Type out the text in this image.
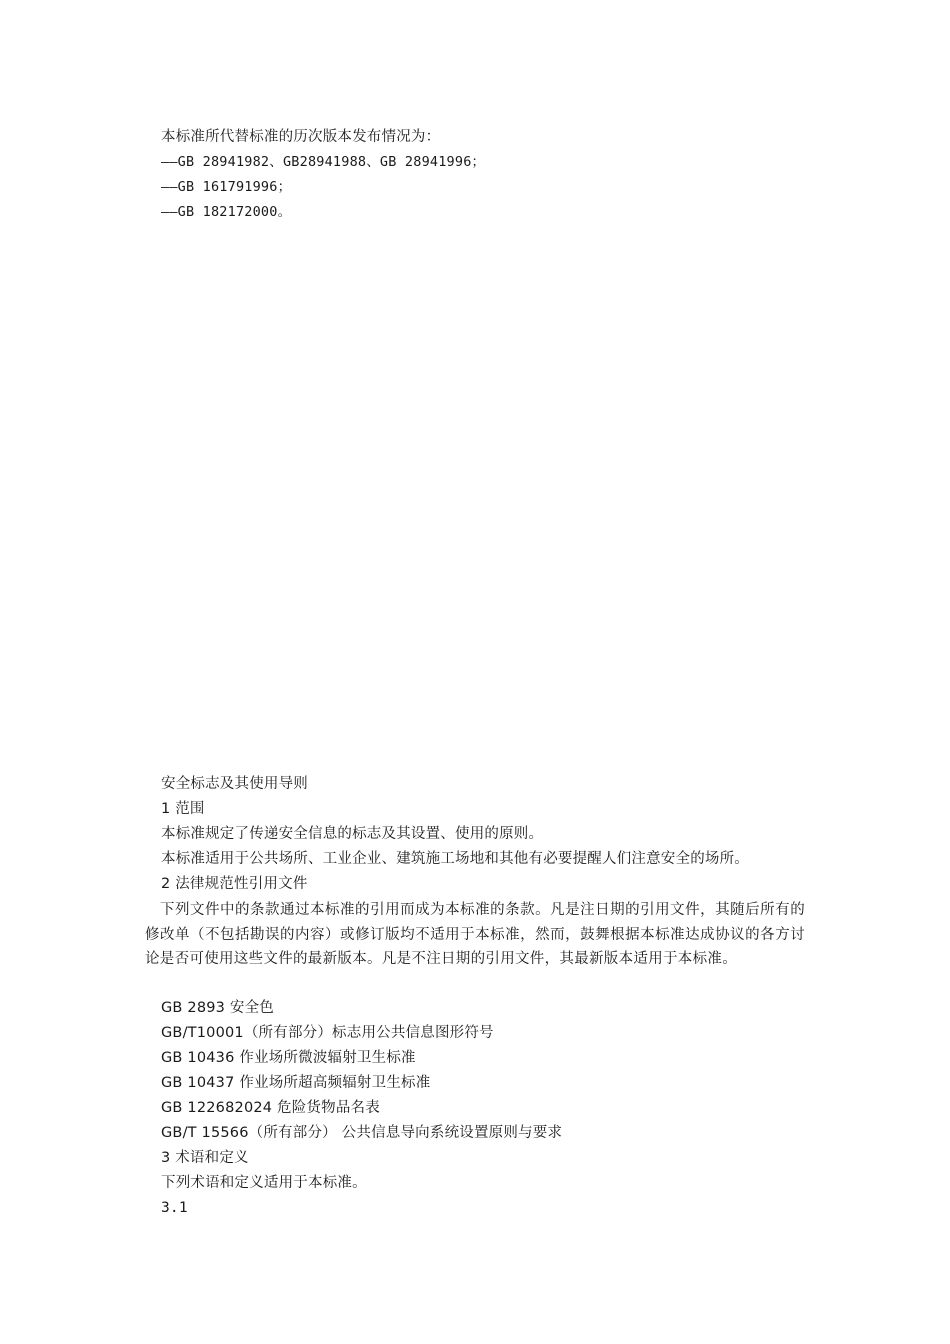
本标准所代替标准的历次版本发布情况为：
——GB 28941982、GB28941988、GB 28941996；
——GB 161791996；
——GB 182172000。
安全标志及其使用导则
1 范围
本标准规定了传递安全信息的标志及其设置、使用的原则。
本标准适用于公共场所、工业企业、建筑施工场地和其他有必要提醒人们注意安全的场所。
2 法律规范性引用文件
下列文件中的条款通过本标准的引用而成为本标准的条款。凡是注日期的引用文件，其随后所有的修改单（不包括勘误的内容）或修订版均不适用于本标准，然而，鼓舞根据本标准达成协议的各方讨论是否可使用这些文件的最新版本。凡是不注日期的引用文件，其最新版本适用于本标准。
GB 2893 安全色
GB/T10001（所有部分）标志用公共信息图形符号
GB 10436 作业场所微波辐射卫生标准
GB 10437 作业场所超高频辐射卫生标准
GB 122682024 危险货物品名表
GB/T 15566（所有部分） 公共信息导向系统设置原则与要求
3 术语和定义
下列术语和定义适用于本标准。
3.1
